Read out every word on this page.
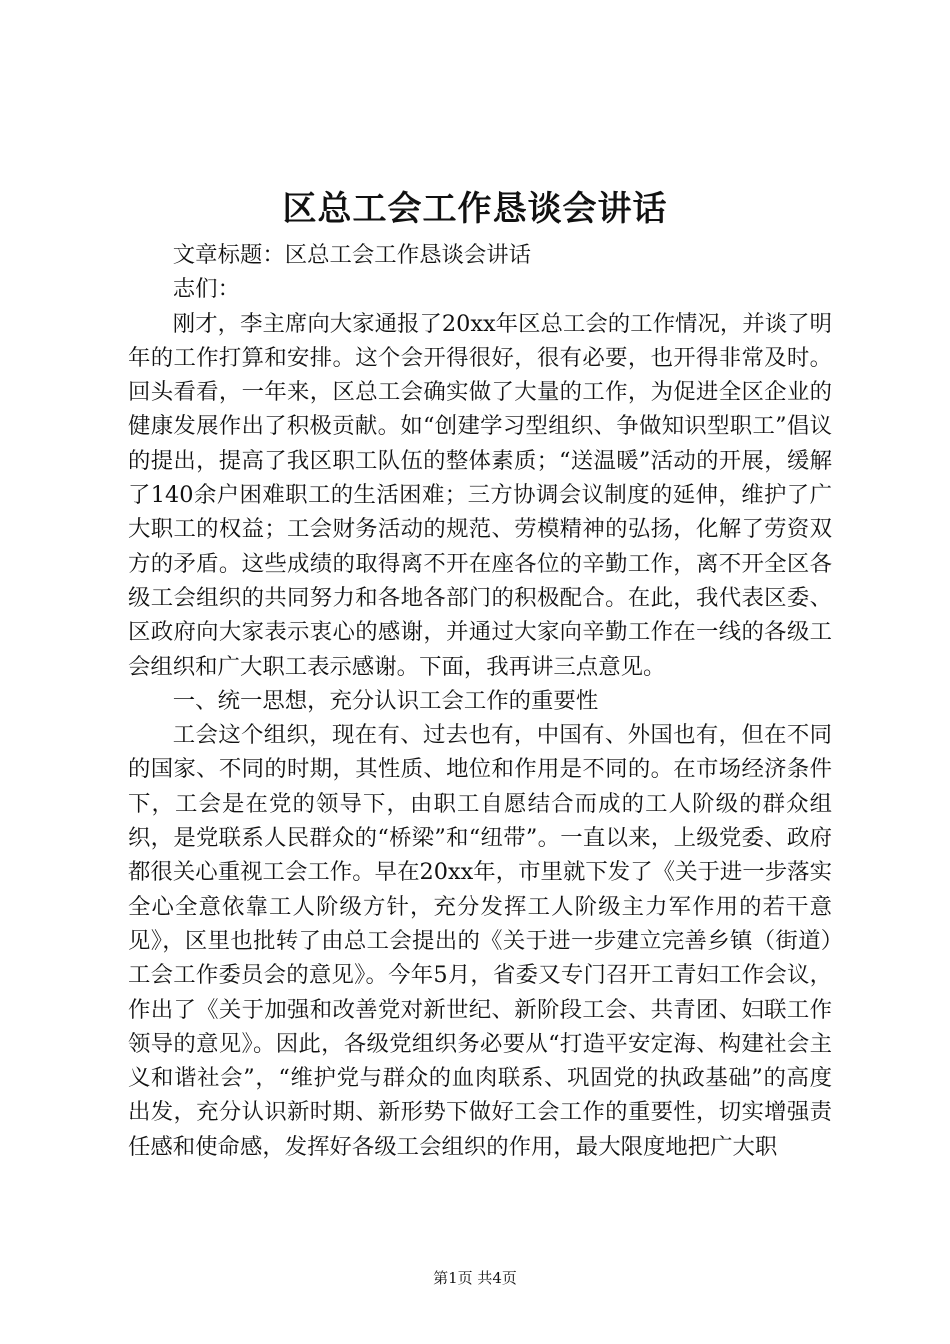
区总工会工作恳谈会讲话

文章标题：区总工会工作恳谈会讲话

志们：

刚才，李主席向大家通报了20xx年区总工会的工作情况，并谈了明年的工作打算和安排。这个会开得很好，很有必要，也开得非常及时。回头看看，一年来，区总工会确实做了大量的工作，为促进全区企业的健康发展作出了积极贡献。如“创建学习型组织、争做知识型职工”倡议的提出，提高了我区职工队伍的整体素质；“送温暖”活动的开展，缓解了140余户困难职工的生活困难；三方协调会议制度的延伸，维护了广大职工的权益；工会财务活动的规范、劳模精神的弘扬，化解了劳资双方的矛盾。这些成绩的取得离不开在座各位的辛勤工作，离不开全区各级工会组织的共同努力和各地各部门的积极配合。在此，我代表区委、区政府向大家表示衷心的感谢，并通过大家向辛勤工作在一线的各级工会组织和广大职工表示感谢。下面，我再讲三点意见。

一、统一思想，充分认识工会工作的重要性

工会这个组织，现在有、过去也有，中国有、外国也有，但在不同的国家、不同的时期，其性质、地位和作用是不同的。在市场经济条件下，工会是在党的领导下，由职工自愿结合而成的工人阶级的群众组织，是党联系人民群众的“桥梁”和“纽带”。一直以来，上级党委、政府都很关心重视工会工作。早在20xx年，市里就下发了《关于进一步落实全心全意依靠工人阶级方针，充分发挥工人阶级主力军作用的若干意见》，区里也批转了由总工会提出的《关于进一步建立完善乡镇（街道）工会工作委员会的意见》。今年5月，省委又专门召开工青妇工作会议，作出了《关于加强和改善党对新世纪、新阶段工会、共青团、妇联工作领导的意见》。因此，各级党组织务必要从“打造平安定海、构建社会主义和谐社会”，“维护党与群众的血肉联系、巩固党的执政基础”的高度出发，充分认识新时期、新形势下做好工会工作的重要性，切实增强责任感和使命感，发挥好各级工会组织的作用，最大限度地把广大职

第1页 共4页
